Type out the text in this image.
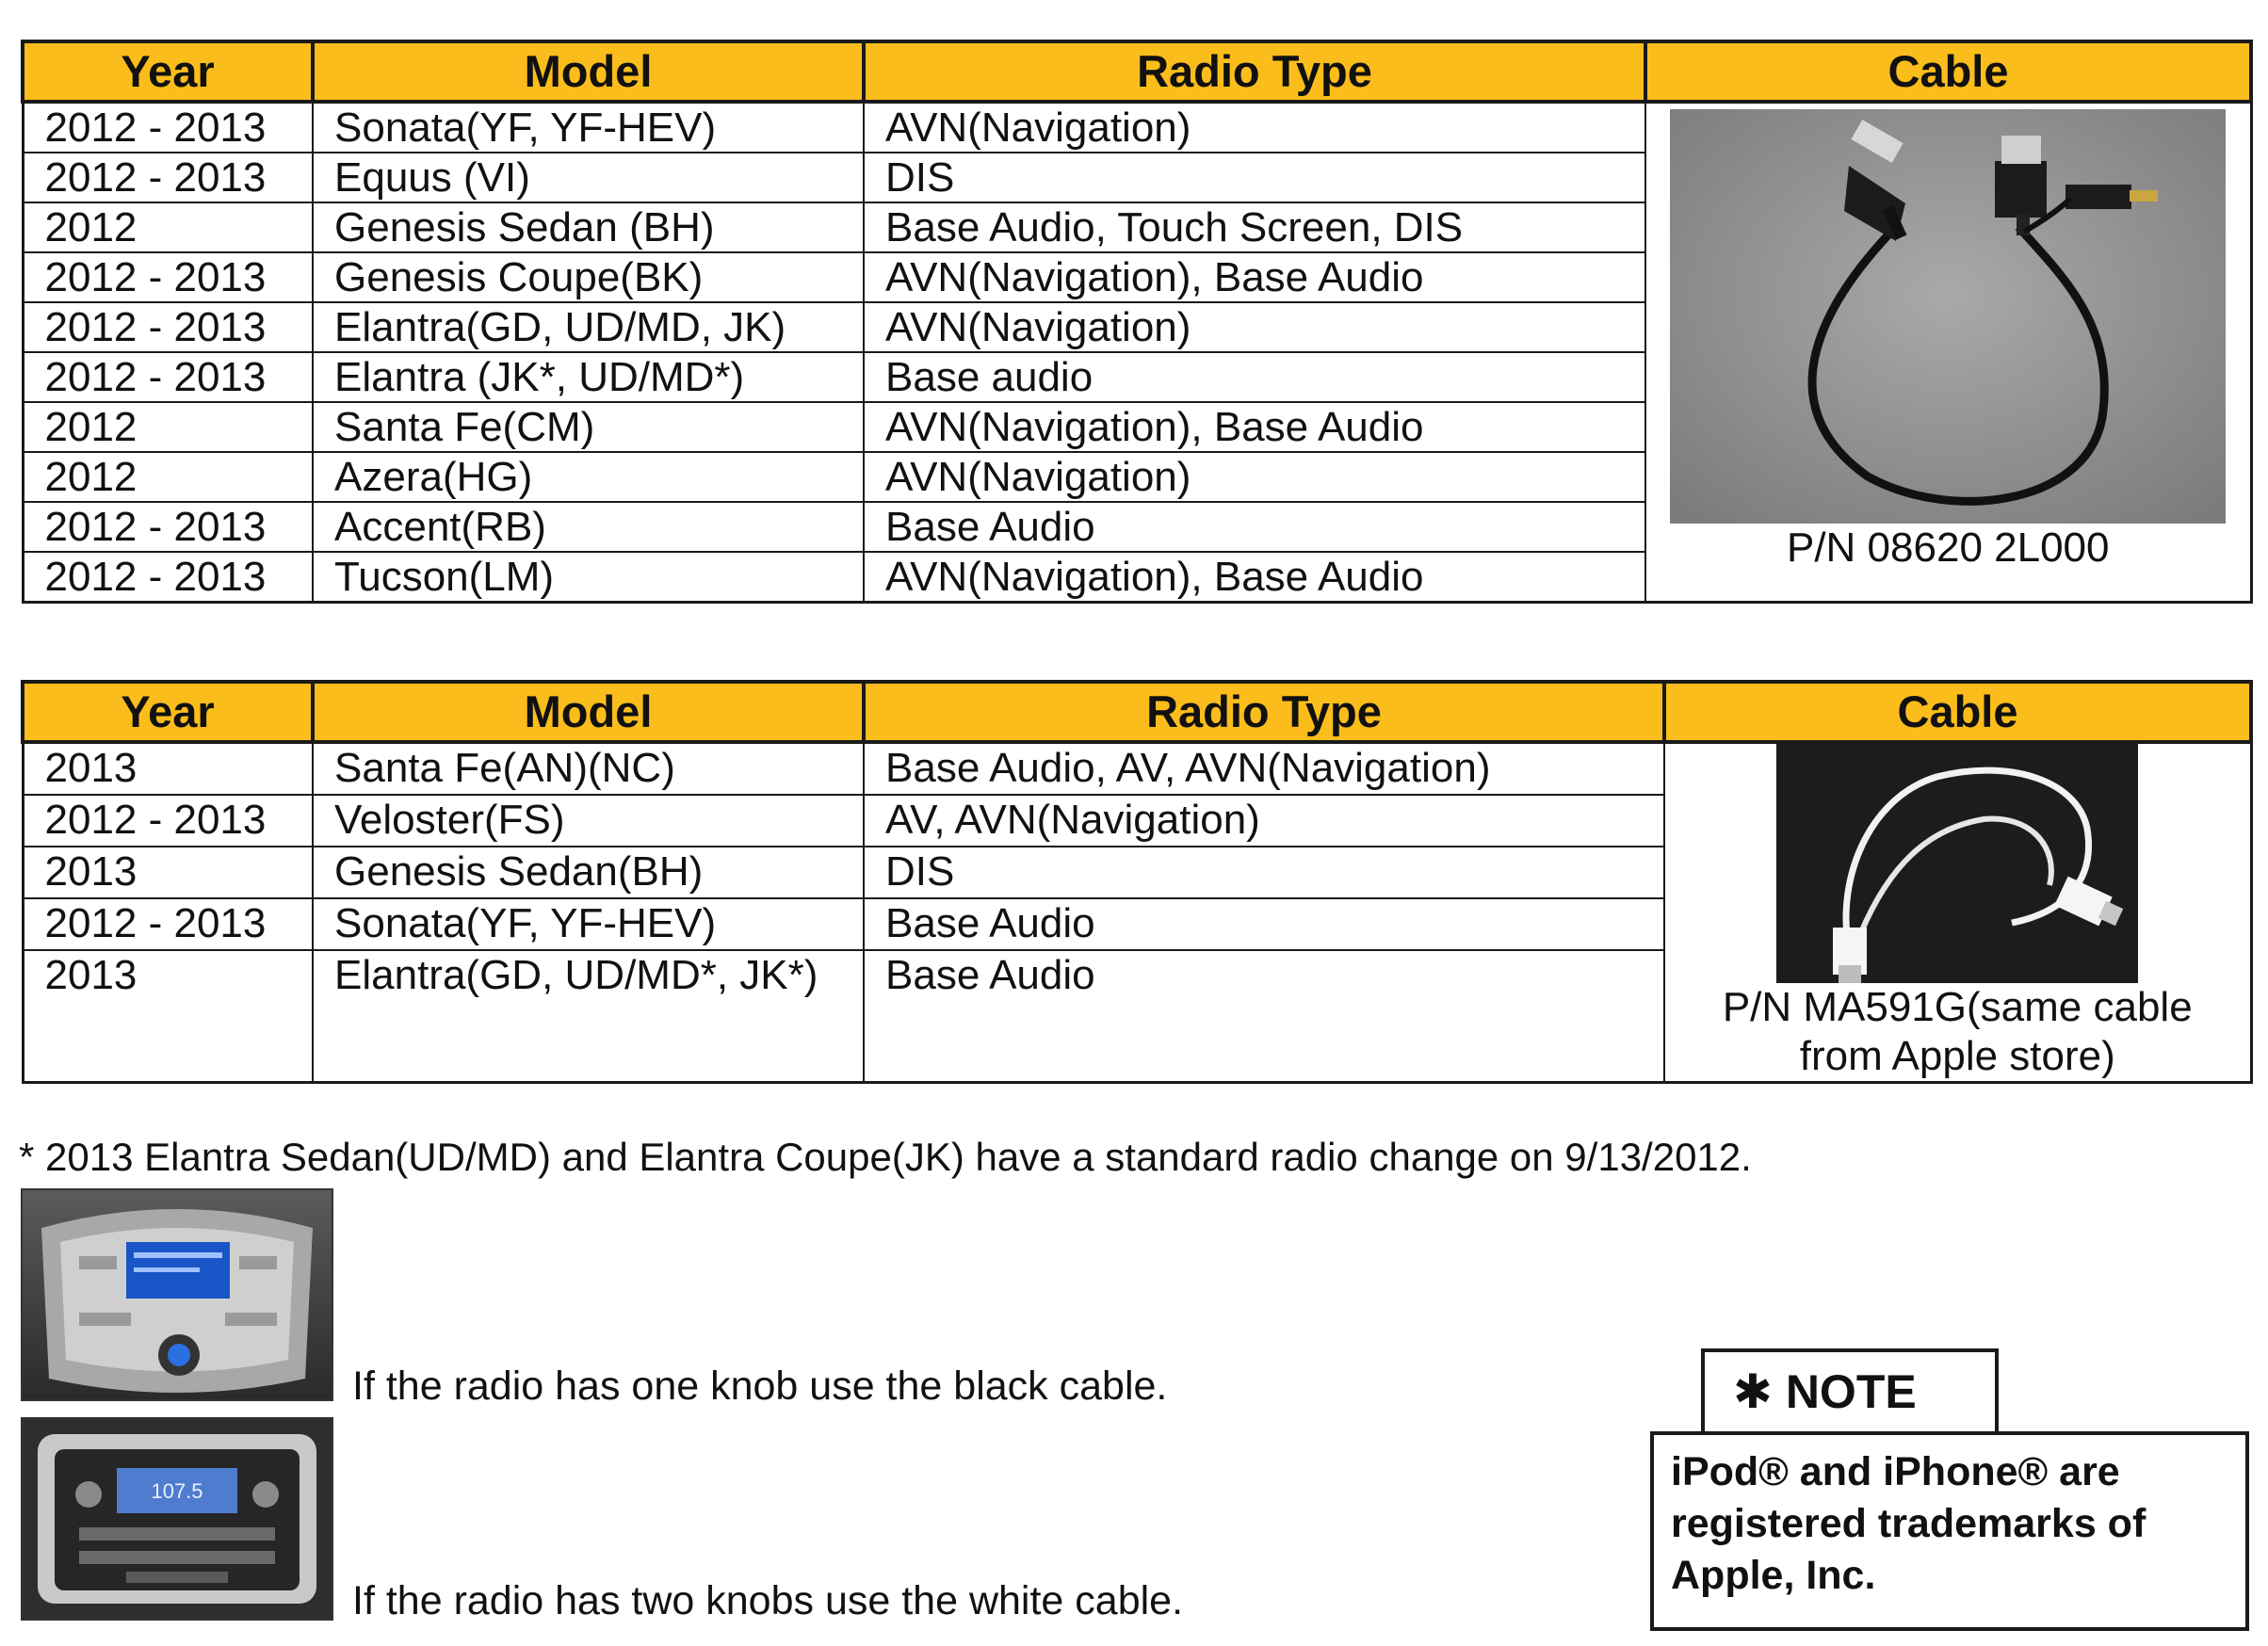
Year	Model	Radio Type	Cable
2012 - 2013	Sonata(YF, YF-HEV)	AVN(Navigation)	P/N 08620 2L000

2012 - 2013	Equus (VI)	DIS	
2012	Genesis Sedan (BH)	Base Audio, Touch Screen, DIS	
2012 - 2013	Genesis Coupe(BK)	AVN(Navigation), Base Audio	
2012 - 2013	Elantra(GD, UD/MD, JK)	AVN(Navigation)	
2012 - 2013	Elantra (JK*, UD/MD*)	Base audio	
2012	Santa Fe(CM)	AVN(Navigation), Base Audio	
2012	Azera(HG)	AVN(Navigation)	
2012 - 2013	Accent(RB)	Base Audio	
2012 - 2013	Tucson(LM)	AVN(Navigation), Base Audio	
Year	Model	Radio Type	Cable
2013	Santa Fe(AN)(NC)	Base Audio, AV, AVN(Navigation)	P/N MA591G(same cable from Apple store)

2012 - 2013	Veloster(FS)	AV, AVN(Navigation)	
2013	Genesis Sedan(BH)	DIS	
2012 - 2013	Sonata(YF, YF-HEV)	Base Audio	
2013	Elantra(GD, UD/MD*, JK*)	Base Audio	
* 2013 Elantra Sedan(UD/MD) and Elantra Coupe(JK) have a standard radio change on 9/13/2012.
If the radio has one knob use the black cable.
107.5
If the radio has two knobs use the white cable.
✱ NOTE
iPod® and iPhone® are registered trademarks of Apple, Inc.
